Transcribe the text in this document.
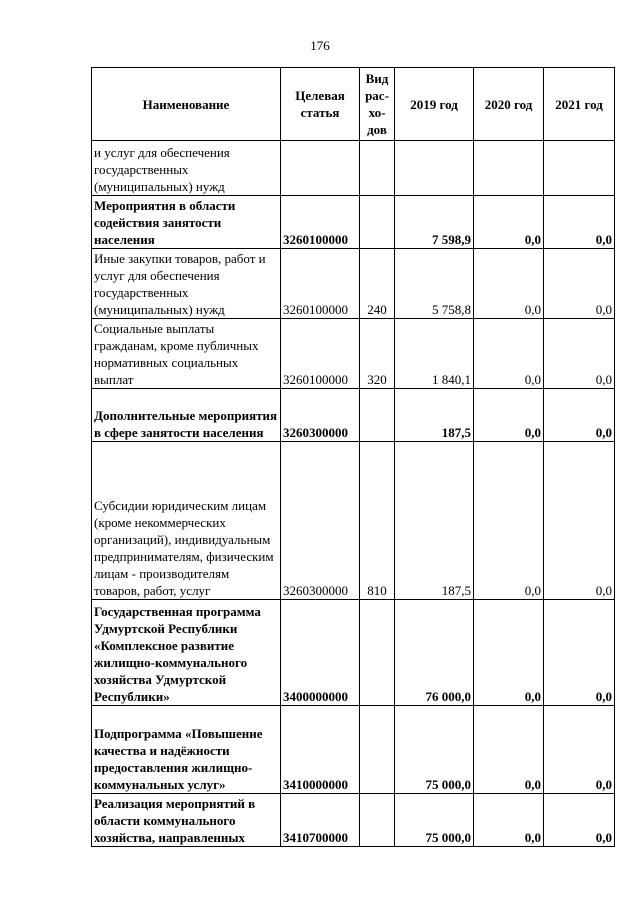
176
Наименование	Целевая статья	Вид рас-хо-дов	2019 год	2020 год	2021 год
и услуг для обеспечения государственных (муниципальных) нужд					
Мероприятия в области содействия занятости населения	3260100000		7 598,9	0,0	0,0
Иные закупки товаров, работ и услуг для обеспечения государственных (муниципальных) нужд	3260100000	240	5 758,8	0,0	0,0
Социальные выплаты гражданам, кроме публичных нормативных социальных выплат	3260100000	320	1 840,1	0,0	0,0
Дополнительные мероприятия в сфере занятости населения	3260300000		187,5	0,0	0,0
Субсидии юридическим лицам (кроме некоммерческих организаций), индивидуальным предпринимателям, физическим лицам - производителям товаров, работ, услуг	3260300000	810	187,5	0,0	0,0
Государственная программа Удмуртской Республики «Комплексное развитие жилищно-коммунального хозяйства Удмуртской Республики»	3400000000		76 000,0	0,0	0,0
Подпрограмма «Повышение качества и надёжности предоставления жилищно-коммунальных услуг»	3410000000		75 000,0	0,0	0,0
Реализация мероприятий в области коммунального хозяйства, направленных	3410700000		75 000,0	0,0	0,0
